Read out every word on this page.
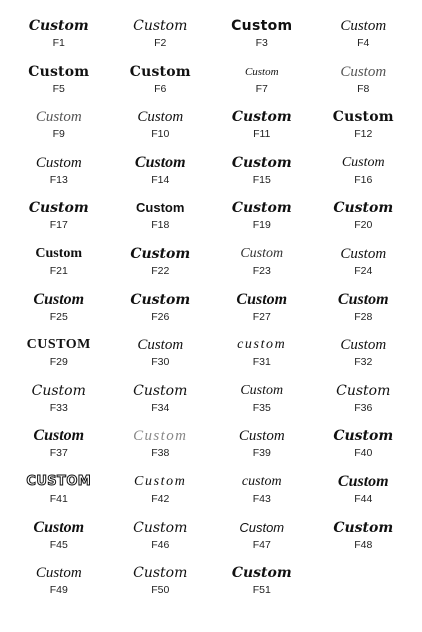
Custom
F1
Custom
F2
Custom
F3
Custom
F4
Custom
F5
Custom
F6
Custom
F7
Custom
F8
Custom
F9
Custom
F10
Custom
F11
Custom
F12
Custom
F13
Custom
F14
Custom
F15
Custom
F16
Custom
F17
Custom
F18
Custom
F19
Custom
F20
Custom
F21
Custom
F22
Custom
F23
Custom
F24
Custom
F25
Custom
F26
Custom
F27
Custom
F28
CUSTOM
F29
Custom
F30
custom
F31
Custom
F32
Custom
F33
Custom
F34
Custom
F35
Custom
F36
Custom
F37
Custom
F38
Custom
F39
Custom
F40
CUSTOM
F41
Custom
F42
custom
F43
Custom
F44
Custom
F45
Custom
F46
Custom
F47
Custom
F48
Custom
F49
Custom
F50
Custom
F51
